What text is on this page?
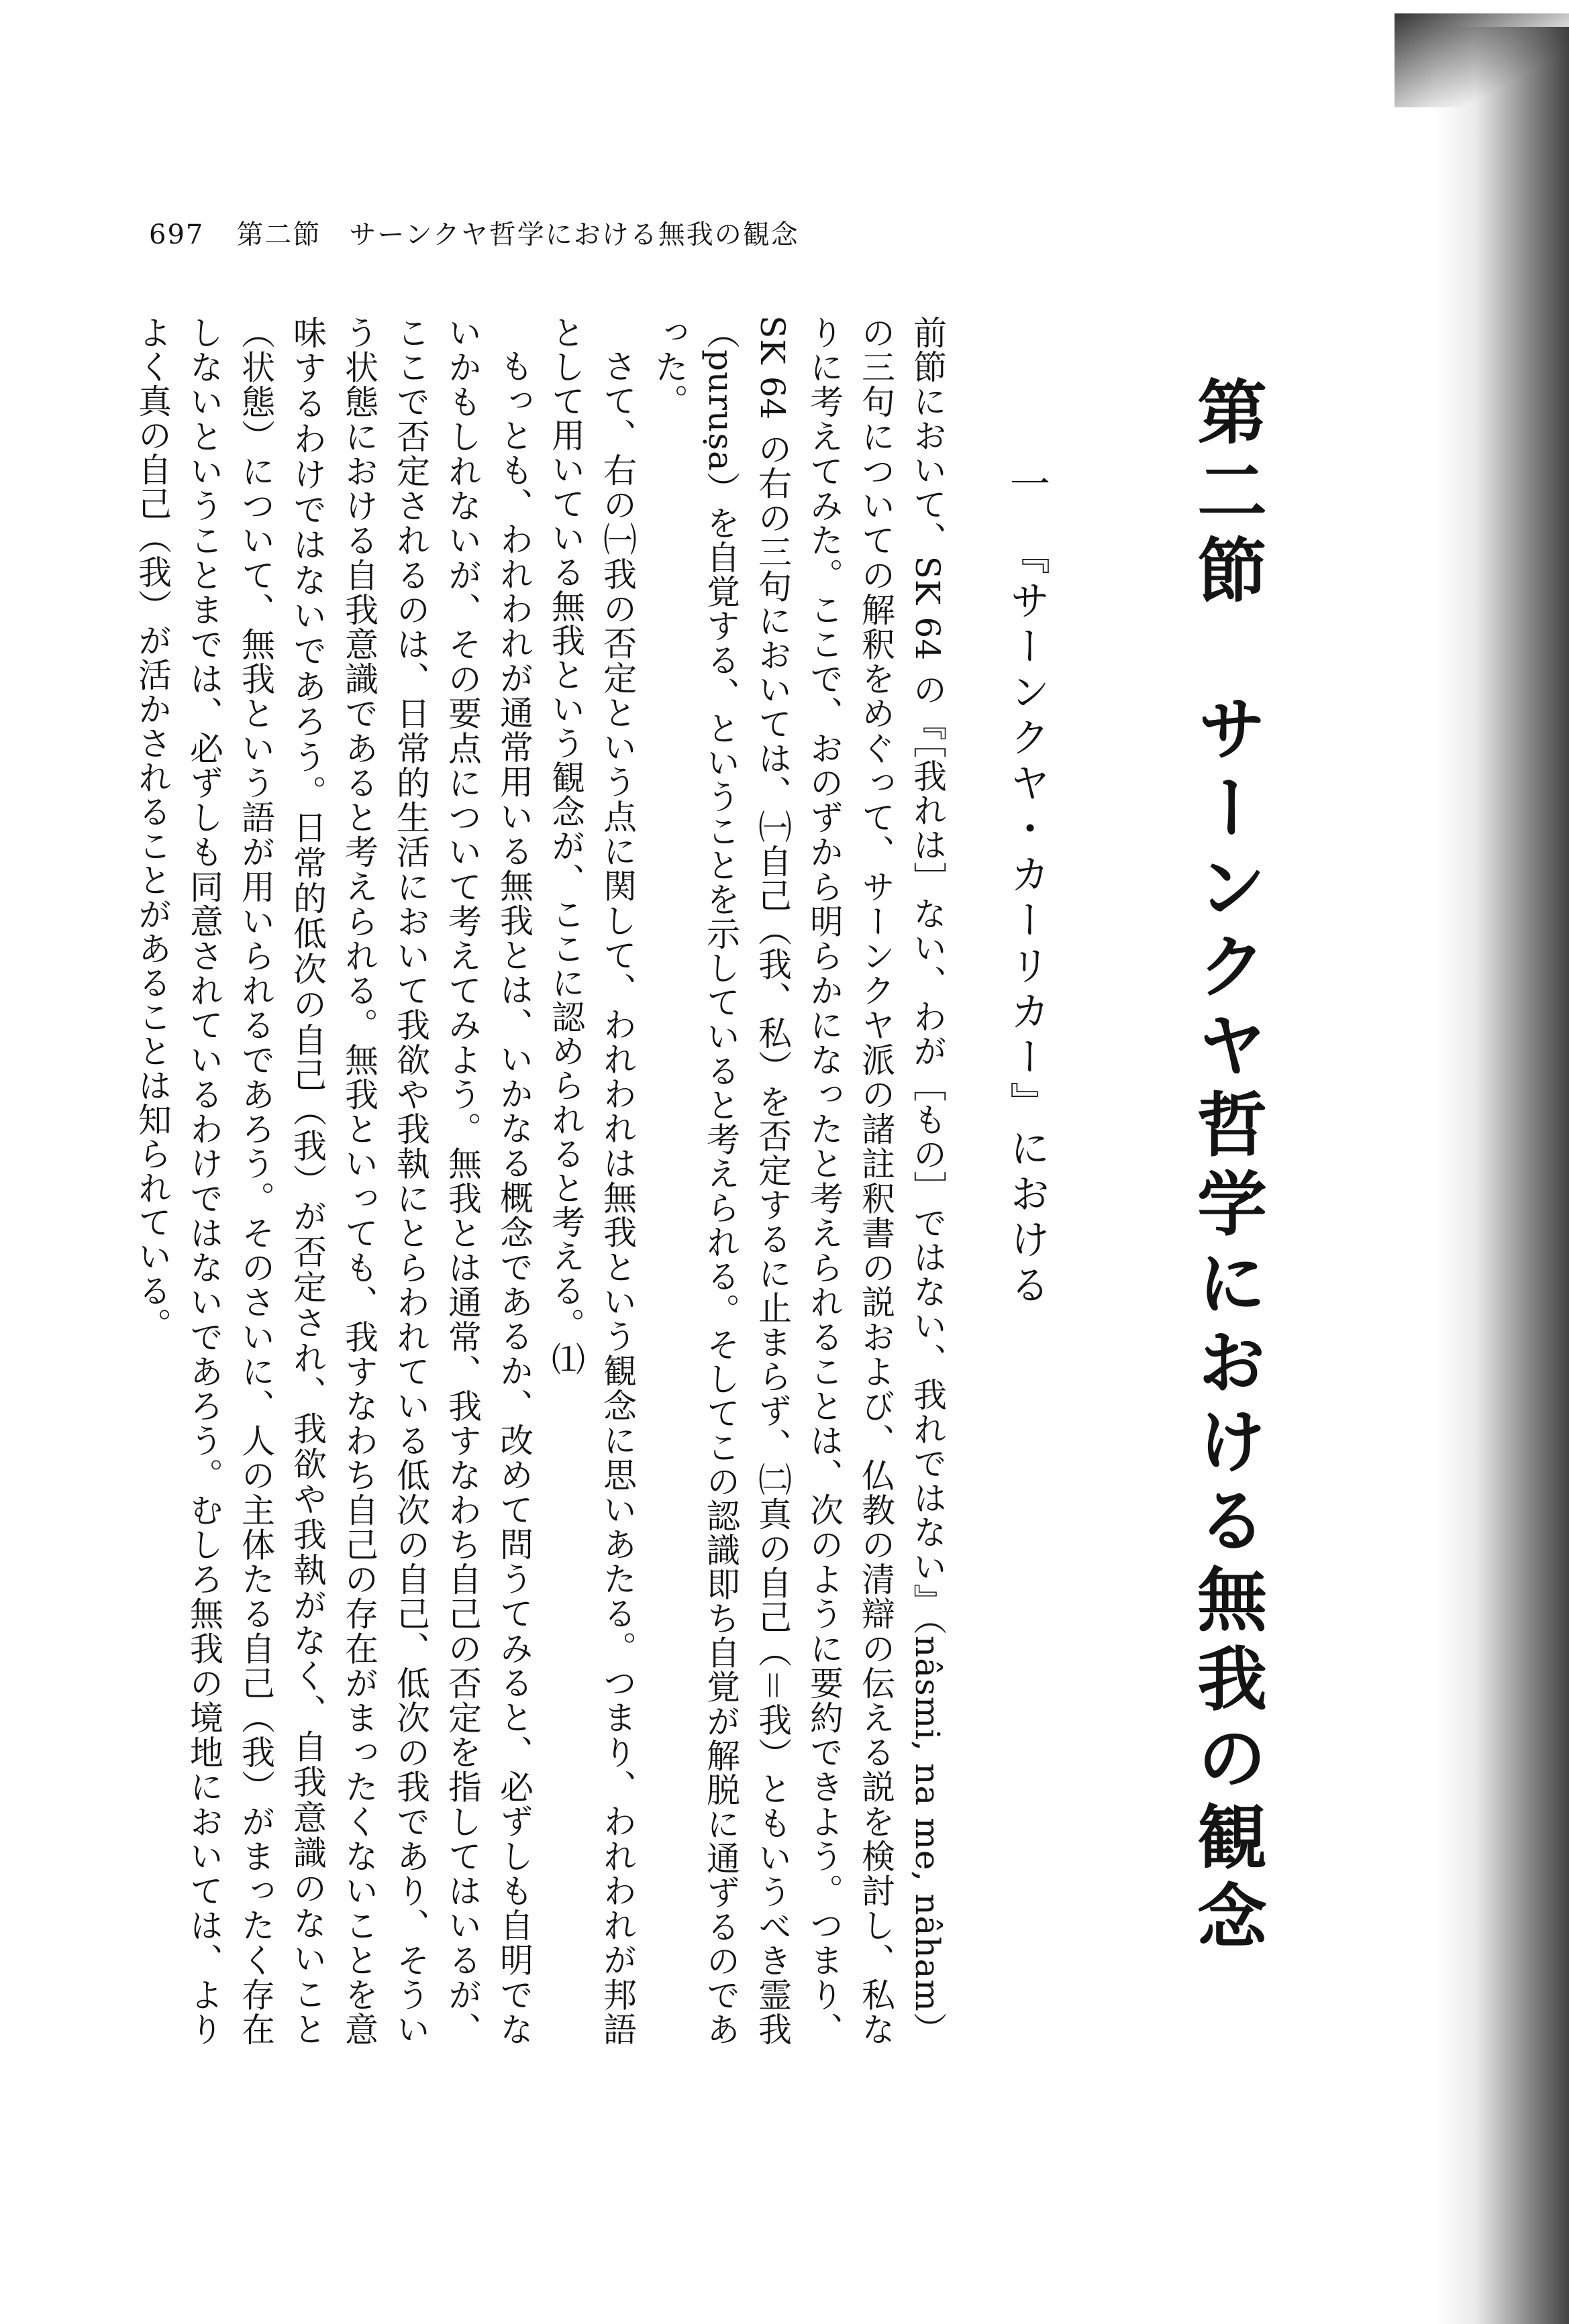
697 第二節　サーンクヤ哲学における無我の観念
第二節　サーンクヤ哲学における無我の観念
一　『サーンクヤ・カーリカー』における

前節において、SK 64 の『［我れは］ない、わが［もの］ではない、我れではない』（nâsmi, na me, nâham）の三句についての解釈をめぐって、サーンクヤ派の諸註釈書の説および、仏教の清辯の伝える説を検討し、私なりに考えてみた。ここで、おのずから明らかになったと考えられることは、次のように要約できよう。つまり、SK 64 の右の三句においては、㈠自己（我、私）を否定するに止まらず、㈡真の自己（＝我）ともいうべき霊我（puruṣa）を自覚する、ということを示していると考えられる。そしてこの認識即ち自覚が解脱に通ずるのであった。

さて、右の㈠我の否定という点に関して、われわれは無我という観念に思いあたる。つまり、われわれが邦語として用いている無我という観念が、ここに認められると考える。⑴

もっとも、われわれが通常用いる無我とは、いかなる概念であるか、改めて問うてみると、必ずしも自明でないかもしれないが、その要点について考えてみよう。無我とは通常、我すなわち自己の否定を指してはいるが、ここで否定されるのは、日常的生活において我欲や我執にとらわれている低次の自己、低次の我であり、そういう状態における自我意識であると考えられる。無我といっても、我すなわち自己の存在がまったくないことを意味するわけではないであろう。日常的低次の自己（我）が否定され、我欲や我執がなく、自我意識のないこと（状態）について、無我という語が用いられるであろう。そのさいに、人の主体たる自己（我）がまったく存在しないということまでは、必ずしも同意されているわけではないであろう。むしろ無我の境地においては、よりよく真の自己（我）が活かされることがあることは知られている。
